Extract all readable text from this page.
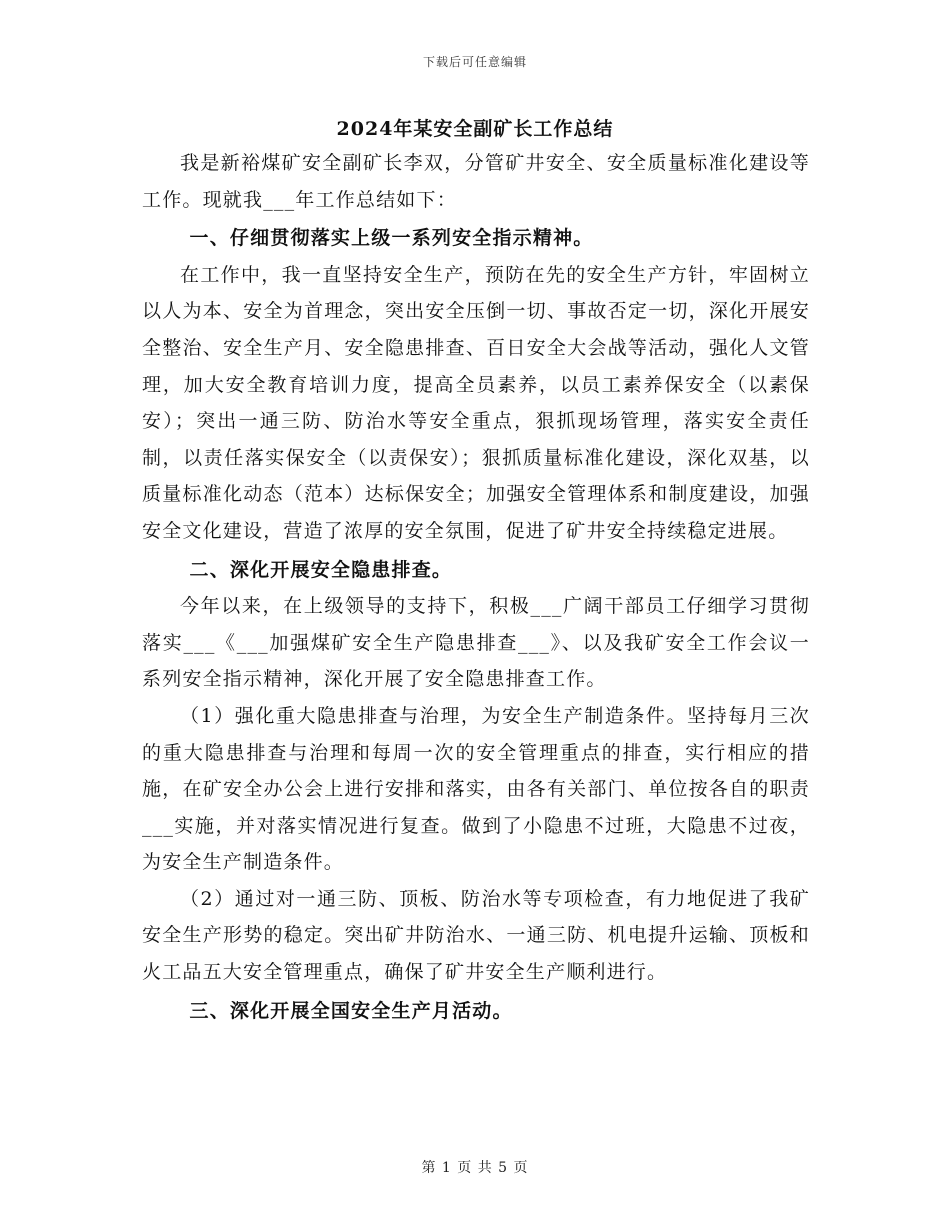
下载后可任意编辑
2024年某安全副矿长工作总结

我是新裕煤矿安全副矿长李双，分管矿井安全、安全质量标准化建设等工作。现就我___年工作总结如下：

一、仔细贯彻落实上级一系列安全指示精神。

在工作中，我一直坚持安全生产，预防在先的安全生产方针，牢固树立以人为本、安全为首理念，突出安全压倒一切、事故否定一切，深化开展安全整治、安全生产月、安全隐患排查、百日安全大会战等活动，强化人文管理，加大安全教育培训力度，提高全员素养，以员工素养保安全（以素保安）；突出一通三防、防治水等安全重点，狠抓现场管理，落实安全责任制，以责任落实保安全（以责保安）；狠抓质量标准化建设，深化双基，以质量标准化动态（范本）达标保安全；加强安全管理体系和制度建设，加强安全文化建设，营造了浓厚的安全氛围，促进了矿井安全持续稳定进展。

二、深化开展安全隐患排查。

今年以来，在上级领导的支持下，积极___广阔干部员工仔细学习贯彻落实___《___加强煤矿安全生产隐患排查___》、以及我矿安全工作会议一系列安全指示精神，深化开展了安全隐患排查工作。

（1）强化重大隐患排查与治理，为安全生产制造条件。坚持每月三次的重大隐患排查与治理和每周一次的安全管理重点的排查，实行相应的措施，在矿安全办公会上进行安排和落实，由各有关部门、单位按各自的职责___实施，并对落实情况进行复查。做到了小隐患不过班，大隐患不过夜，为安全生产制造条件。

（2）通过对一通三防、顶板、防治水等专项检查，有力地促进了我矿安全生产形势的稳定。突出矿井防治水、一通三防、机电提升运输、顶板和火工品五大安全管理重点，确保了矿井安全生产顺利进行。

三、深化开展全国安全生产月活动。

第 1 页 共 5 页
